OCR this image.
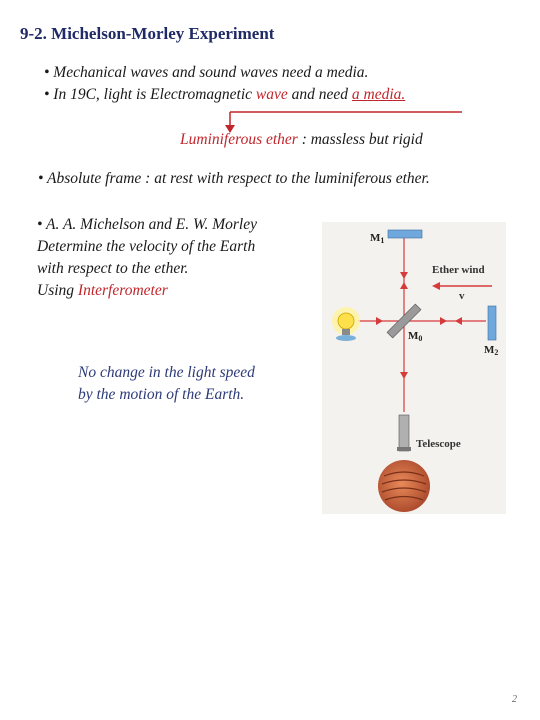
9-2. Michelson-Morley Experiment
• Mechanical waves and sound waves need a media.
• In 19C, light is Electromagnetic wave and need a media.
Luminiferous ether : massless but rigid
• Absolute frame : at rest with respect to the luminiferous ether.
• A. A. Michelson and E. W. Morley
Determine the velocity of the Earth
with respect to the ether.
Using Interferometer
No change in the light speed
by the motion of the Earth.
M1
M2
M0
Ether wind
v
Telescope
2
